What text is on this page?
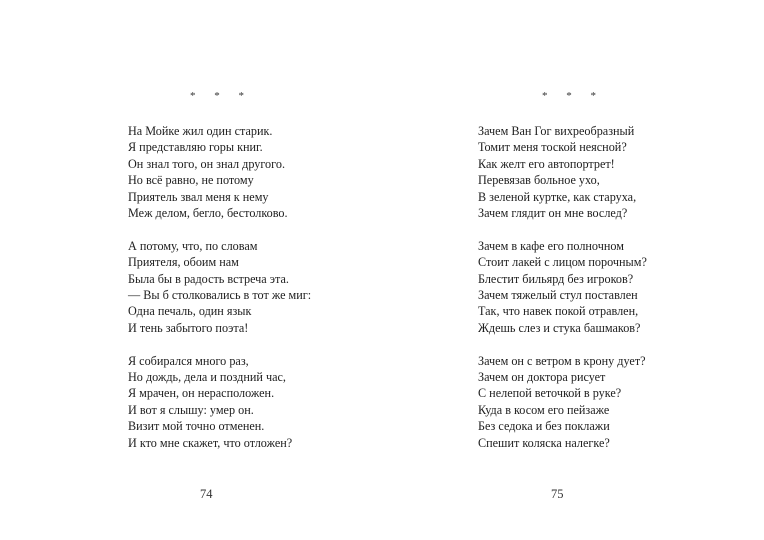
* * *
На Мойке жил один старик.
Я представляю горы книг.
Он знал того, он знал другого.
Но всё равно, не потому
Приятель звал меня к нему
Меж делом, бегло, бестолково.
А потому, что, по словам
Приятеля, обоим нам
Была бы в радость встреча эта.
— Вы б столковались в тот же миг:
Одна печаль, один язык
И тень забытого поэта!
Я собирался много раз,
Но дождь, дела и поздний час,
Я мрачен, он нерасположен.
И вот я слышу: умер он.
Визит мой точно отменен.
И кто мне скажет, что отложен?
74
* * *
Зачем Ван Гог вихреобразный
Томит меня тоской неясной?
Как желт его автопортрет!
Перевязав больное ухо,
В зеленой куртке, как старуха,
Зачем глядит он мне вослед?
Зачем в кафе его полночном
Стоит лакей с лицом порочным?
Блестит бильярд без игроков?
Зачем тяжелый стул поставлен
Так, что навек покой отравлен,
Ждешь слез и стука башмаков?
Зачем он с ветром в крону дует?
Зачем он доктора рисует
С нелепой веточкой в руке?
Куда в косом его пейзаже
Без седока и без поклажи
Спешит коляска налегке?
75
